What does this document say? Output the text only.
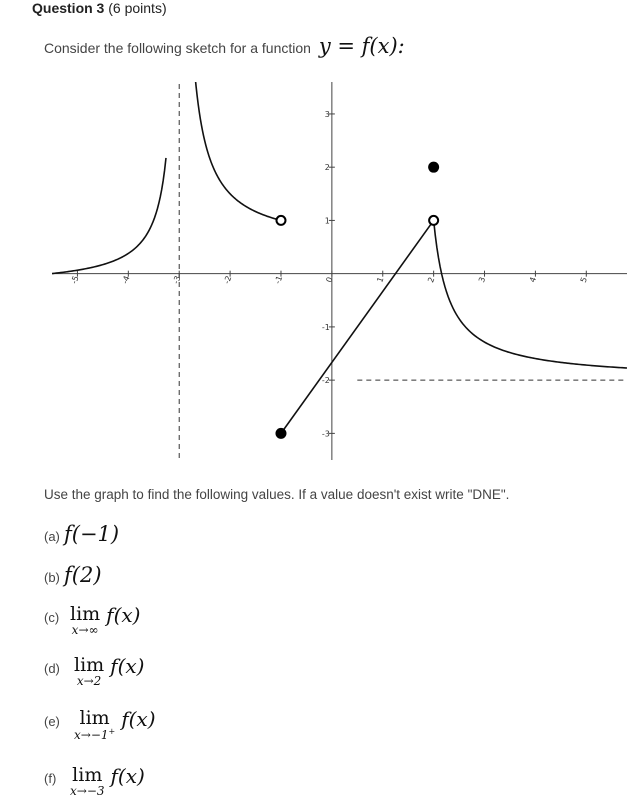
Question 3 (6 points)
Consider the following sketch for a function y = f(x):
-5	-4	-3	-2	-1	0	1	2	3	4	5
3
2
1
-1
-2
-3
Use the graph to find the following values. If a value doesn't exist write "DNE".
(a) f(−1)
(b) f(2)
(c) lim
x→∞
f(x)
(d) lim
x→2
f(x)
(e)	lim
x→−1+
f(x)
(f) lim
x→−3
f(x)
